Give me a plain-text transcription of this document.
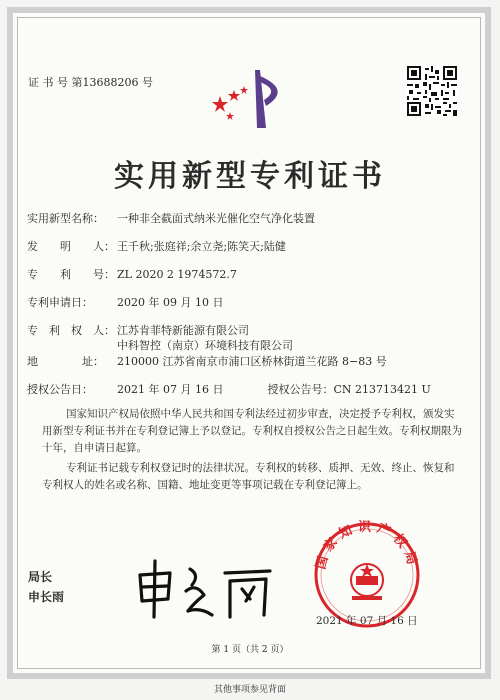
证 书 号 第13688206 号
实用新型专利证书
实用新型名称： 一种非全截面式纳米光催化空气净化装置
发　　明　　人： 王千秋;张庭祥;余立尧;陈笑天;陆健
专　　利　　号： ZL 2020 2 1974572.7
专利申请日： 2020 年 09 月 10 日
专　利　权　人： 江苏肯菲特新能源有限公司
中科智控（南京）环境科技有限公司
地　　　　址： 210000 江苏省南京市浦口区桥林街道兰花路 8−83 号
授权公告日： 2021 年 07 月 16 日　　　　授权公告号：CN 213713421 U
国家知识产权局依照中华人民共和国专利法经过初步审查，决定授予专利权，颁发实用新型专利证书并在专利登记簿上予以登记。专利权自授权公告之日起生效。专利权期限为十年，自申请日起算。
专利证书记载专利权登记时的法律状况。专利权的转移、质押、无效、终止、恢复和专利权人的姓名或名称、国籍、地址变更等事项记载在专利登记簿上。
国家知识产权局
局长
申长雨
2021 年 07 月 16 日
第 1 页（共 2 页）
其他事项参见背面
